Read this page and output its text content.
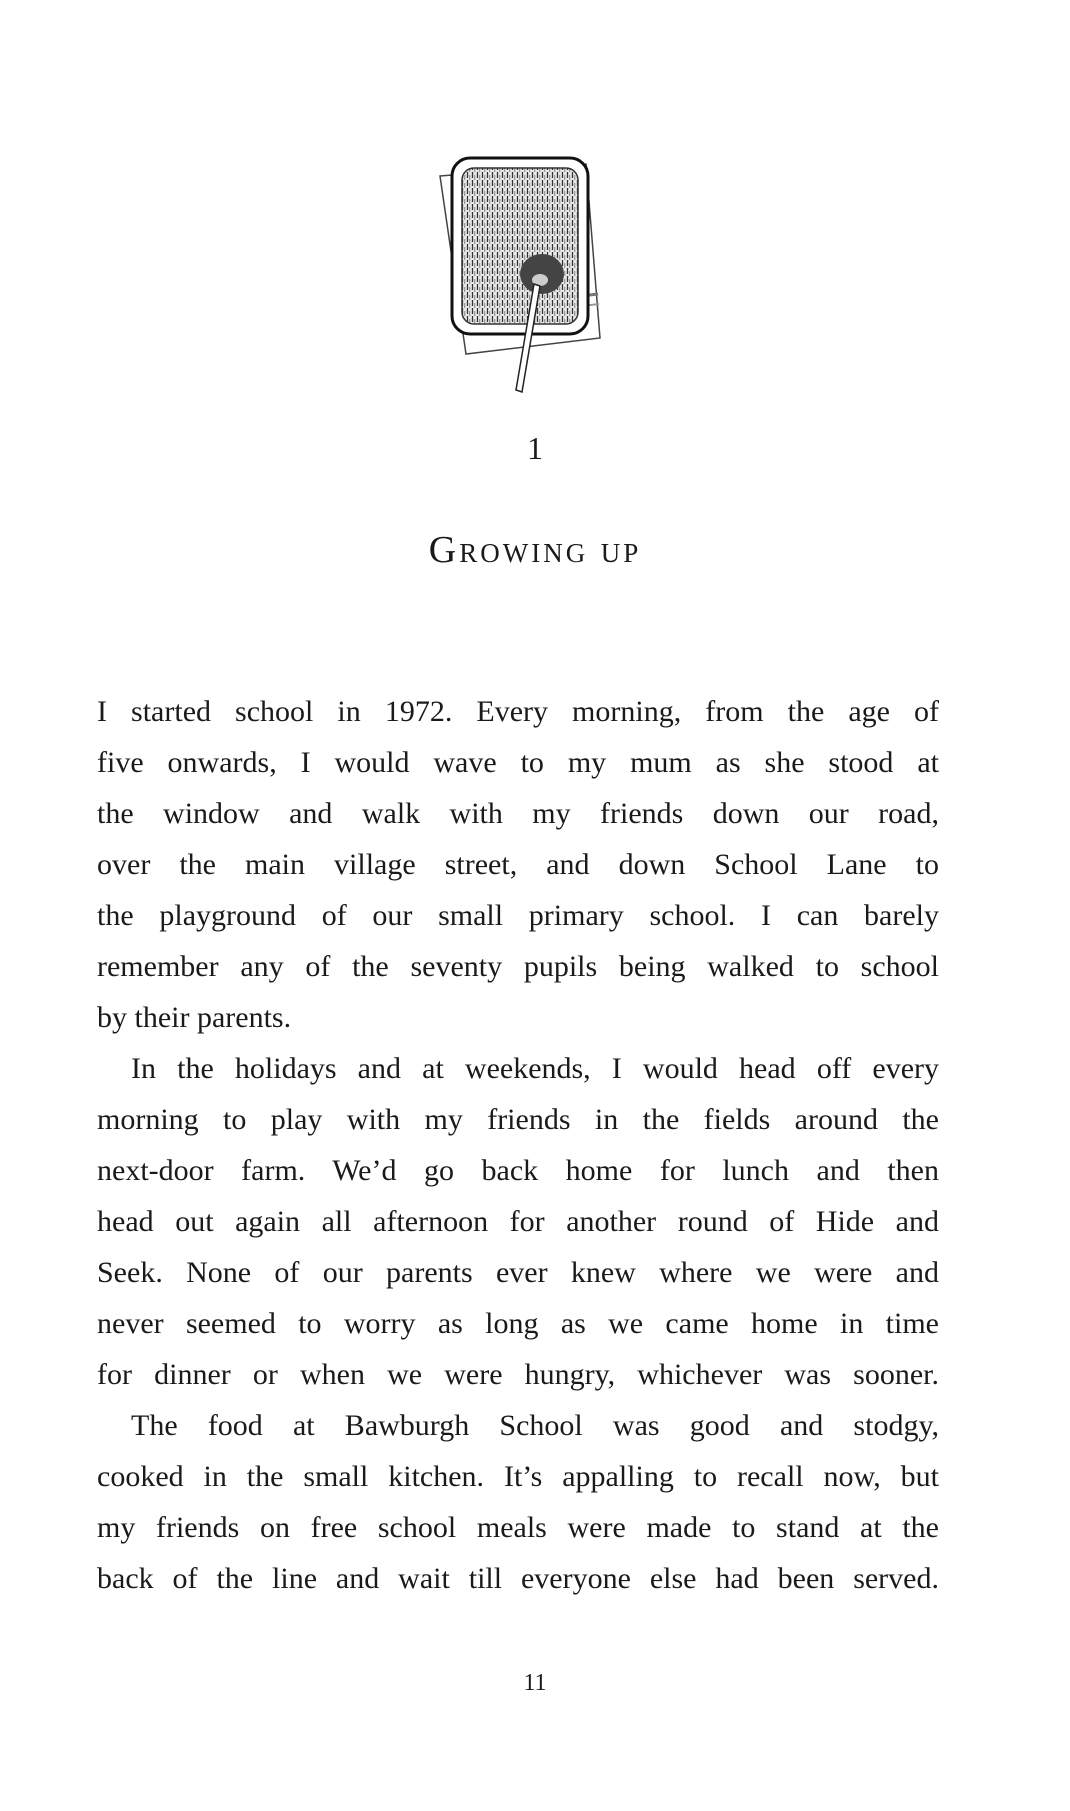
1
Growing up
I started school in 1972. Every morning, from the age of
five onwards, I would wave to my mum as she stood at
the window and walk with my friends down our road,
over the main village street, and down School Lane to
the playground of our small primary school. I can barely
remember any of the seventy pupils being walked to school
by their parents.
In the holidays and at weekends, I would head off every
morning to play with my friends in the fields around the
next-door farm. We’d go back home for lunch and then
head out again all afternoon for another round of Hide and
Seek. None of our parents ever knew where we were and
never seemed to worry as long as we came home in time
for dinner or when we were hungry, whichever was sooner.
The food at Bawburgh School was good and stodgy,
cooked in the small kitchen. It’s appalling to recall now, but
my friends on free school meals were made to stand at the
back of the line and wait till everyone else had been served.
11
